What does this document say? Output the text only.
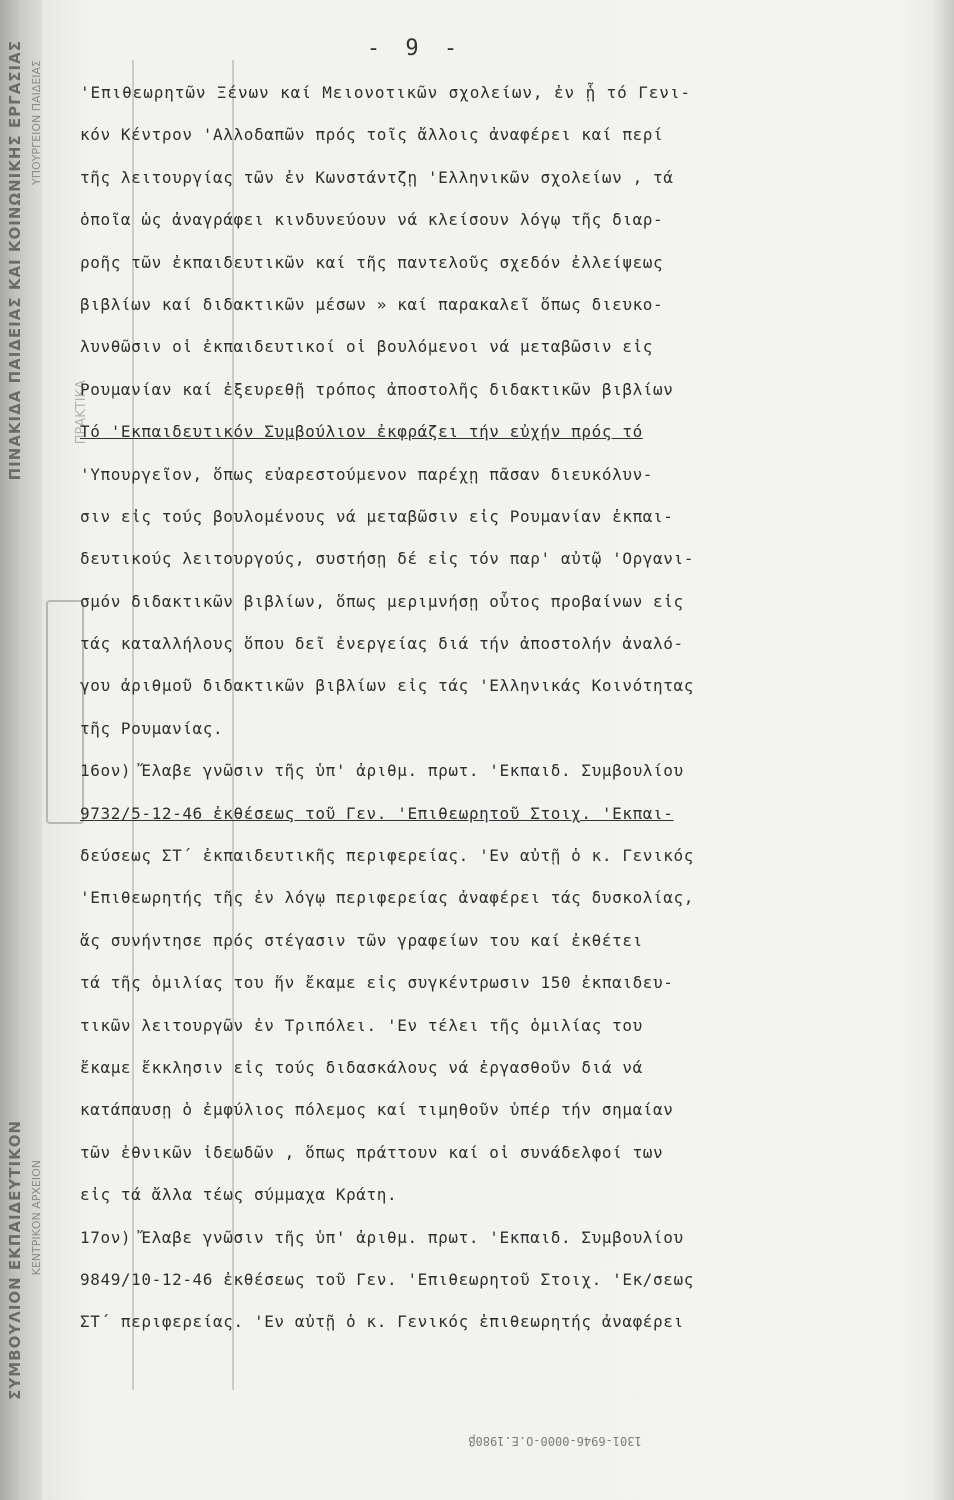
ΠΙΝΑΚΙΔΑ ΠΑΙΔΕΙΑΣ ΚΑΙ ΚΟΙΝΩΝΙΚΗΣ ΕΡΓΑΣΙΑΣ ΥΠΟΥΡΓΕΙΟΝ ΠΑΙΔΕΙΑΣ
ΣΥΜΒΟΥΛΙΟΝ ΕΚΠΑΙΔΕΥΤΙΚΟΝ ΚΕΝΤΡΙΚΟΝ ΑΡΧΕΙΟΝ
ΠΡΑΚΤΙΚΑ
- 9 -
'Επιθεωρητῶν Ξένων καί Μειονοτικῶν σχολείων, ἐν ᾗ τό Γενι-
κόν Κέντρον 'Αλλοδαπῶν πρός τοῖς ἄλλοις ἀναφέρει καί περί
τῆς λειτουργίας τῶν ἐν Κωνστάντζῃ 'Ελληνικῶν σχολείων , τά
ὁποῖα ὡς ἀναγράφει κινδυνεύουν νά κλείσουν λόγῳ τῆς διαρ-
ροῆς τῶν ἐκπαιδευτικῶν καί τῆς παντελοῦς σχεδόν ἐλλείψεως
βιβλίων καί διδακτικῶν μέσων » καί παρακαλεῖ ὅπως διευκο-
λυνθῶσιν οἱ ἐκπαιδευτικοί οἱ βουλόμενοι νά μεταβῶσιν εἰς
Ρουμανίαν καί ἐξευρεθῇ τρόπος ἀποστολῆς διδακτικῶν βιβλίων
Τό 'Εκπαιδευτικόν Συμβούλιον ἐκφράζει τήν εὐχήν πρός τό
'Υπουργεῖον, ὅπως εὐαρεστούμενον παρέχῃ πᾶσαν διευκόλυν-
σιν εἰς τούς βουλομένους νά μεταβῶσιν εἰς Ρουμανίαν ἐκπαι-
δευτικούς λειτουργούς, συστήσῃ δέ εἰς τόν παρ' αὐτῷ 'Οργανι-
σμόν διδακτικῶν βιβλίων, ὅπως μεριμνήσῃ οὗτος προβαίνων εἰς
τάς καταλλήλους ὅπου δεῖ ἐνεργείας διά τήν ἀποστολήν ἀναλό-
γου ἀριθμοῦ διδακτικῶν βιβλίων εἰς τάς 'Ελληνικάς Κοινότητας
τῆς Ρουμανίας.
16ον) Ἔλαβε γνῶσιν τῆς ὑπ' ἀριθμ. πρωτ. 'Εκπαιδ. Συμβουλίου
9732/5-12-46 ἐκθέσεως τοῦ Γεν. 'Επιθεωρητοῦ Στοιχ. 'Εκπαι-
δεύσεως ΣΤ΄ ἐκπαιδευτικῆς περιφερείας. 'Εν αὐτῇ ὁ κ. Γενικός
'Επιθεωρητής τῆς ἐν λόγῳ περιφερείας ἀναφέρει τάς δυσκολίας,
ἅς συνήντησε πρός στέγασιν τῶν γραφείων του καί ἐκθέτει
τά τῆς ὁμιλίας του ἥν ἔκαμε εἰς συγκέντρωσιν 150 ἐκπαιδευ-
τικῶν λειτουργῶν ἐν Τριπόλει. 'Εν τέλει τῆς ὁμιλίας του
ἔκαμε ἔκκλησιν εἰς τούς διδασκάλους νά ἐργασθοῦν διά νά
κατάπαυσῃ ὁ ἐμφύλιος πόλεμος καί τιμηθοῦν ὑπέρ τήν σημαίαν
τῶν ἐθνικῶν ἰδεωδῶν , ὅπως πράττουν καί οἱ συνάδελφοί των
εἰς τά ἄλλα τέως σύμμαχα Κράτη.
17ον) Ἔλαβε γνῶσιν τῆς ὑπ' ἀριθμ. πρωτ. 'Εκπαιδ. Συμβουλίου
9849/10-12-46 ἐκθέσεως τοῦ Γεν. 'Επιθεωρητοῦ Στοιχ. 'Εκ/σεως
ΣΤ΄ περιφερείας. 'Εν αὐτῇ ὁ κ. Γενικός ἐπιθεωρητής ἀναφέρει
1301-6946-0000-Ο.Ε.1980β
